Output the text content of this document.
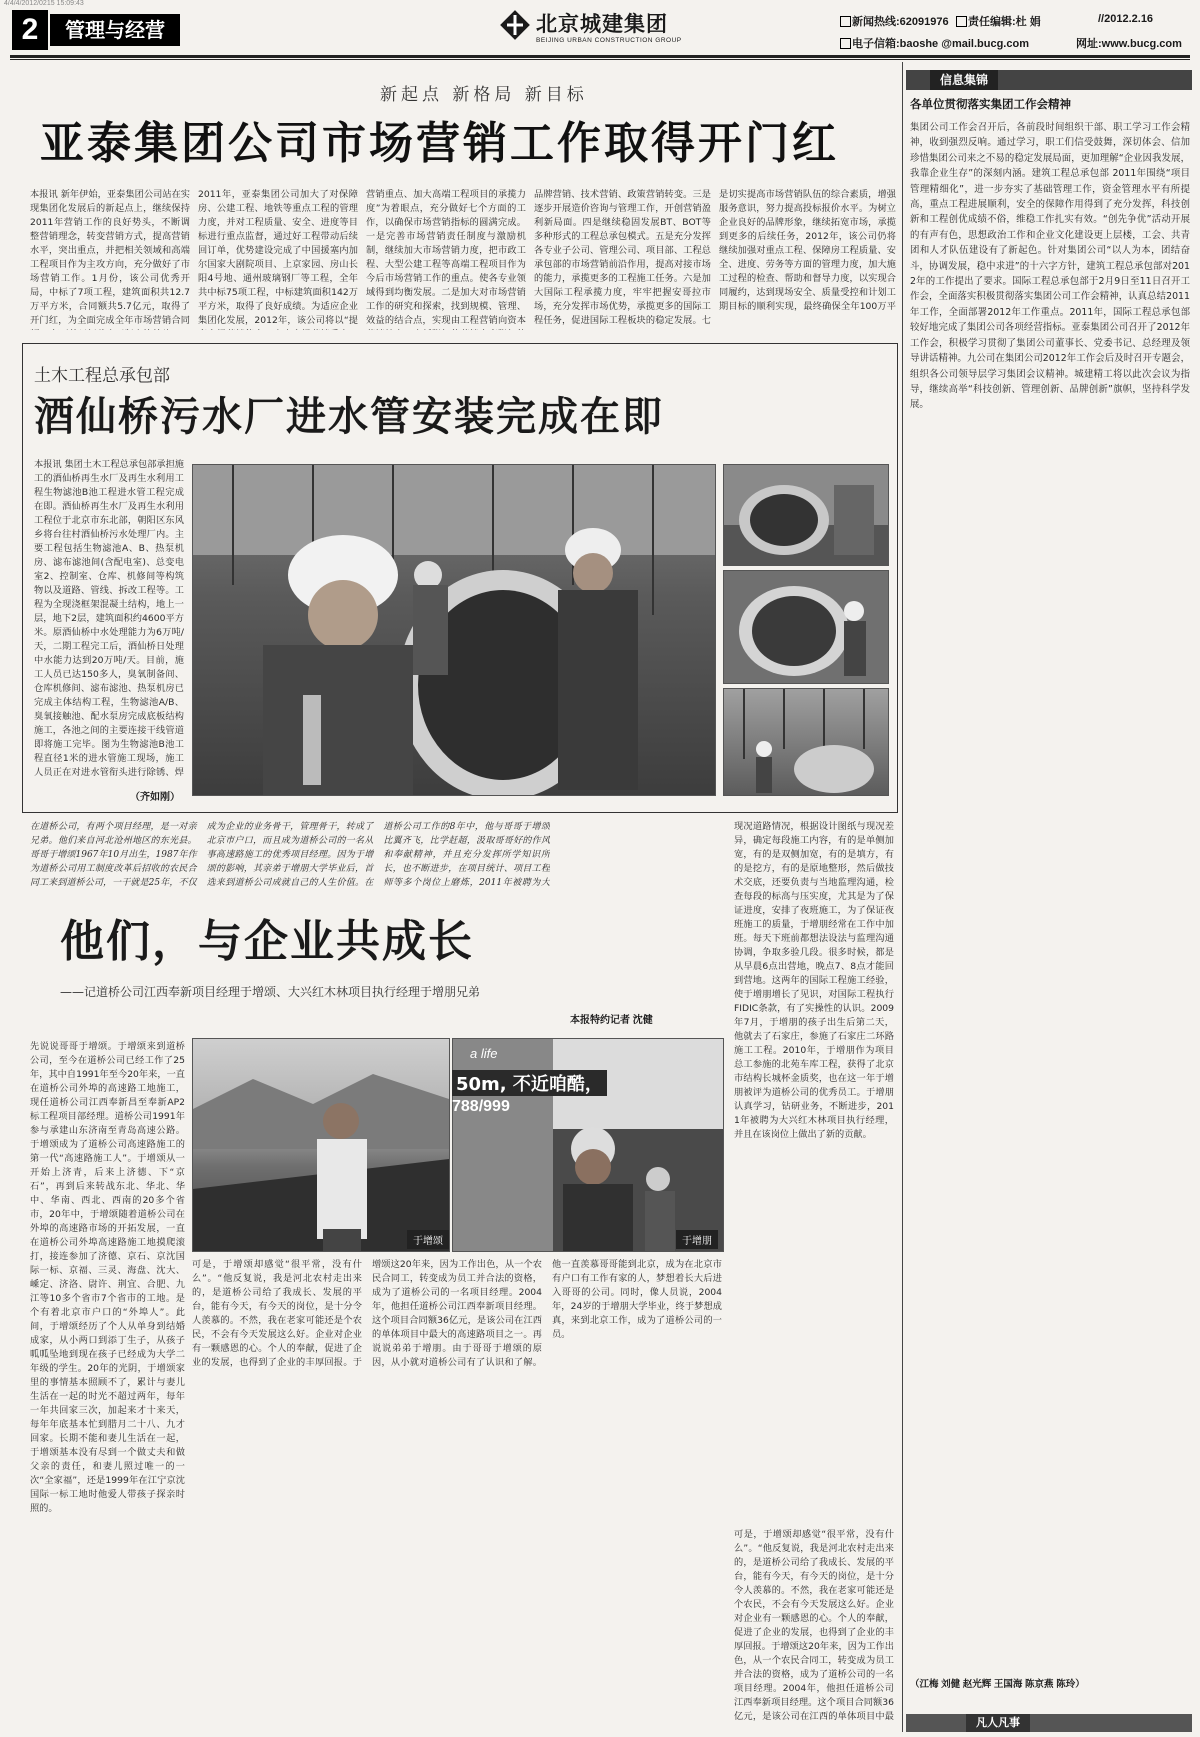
4/4/4/2012/0215 15:09:43
2	管理与经营	北京城建集团
BEIJING URBAN CONSTRUCTION GROUP
新闻热线:62091976 责任编辑:杜 娟	//2012.2.16
电子信箱:baoshe @mail.bucg.com	网址:www.bucg.com
新起点 新格局 新目标
亚泰集团公司市场营销工作取得开门红
本报讯 新年伊始，亚泰集团公司站在实现集团化发展后的新起点上，继续保持2011年营销工作的良好势头，不断调整营销理念，转变营销方式，提高营销水平，突出重点，并把相关领域和高端工程项目作为主攻方向，充分做好了市场营销工作。1月份，该公司优秀开局，中标了7项工程，建筑面积共12.7万平方米，合同额共5.7亿元，取得了开门红，为全面完成全年市场营销合同
2011年，亚泰集团公司加大了对保障房、公建工程、地铁等重点工程的管理力度，并对工程质量、安全、进度等目标进行重点监督，通过好工程带动后续回订单，优势建设完成了中国援塞内加尔国家大剧院项目、上京家园、房山长阳4号地、通州玻璃钢厂等工程，全年共中标75项工程，中标建筑面积142万平方米，取得了良好成绩。为适应企业集团化发展，2012年，该公司将以“提
营销重点、加大高端工程项目的承揽力度”为着眼点，充分做好七个方面的工作，以确保市场营销指标的圆满完成。一是完善市场营销责任制度与激励机制，继续加大市场营销力度，把市政工程、大型公建工程等高端工程项目作为今后市场营销工作的重点。使各专业领域得到均衡发展。二是加大对市场营销工作的研究和探索，找到规模、管理、效益的结合点，实现由工程营销向资本
品牌营销、技术营销、政策营销转变。三是逐步开展造价咨询与管理工作，开创营销盈利新局面。四是继续稳固发展BT、BOT等多种形式的工程总承包模式。五是充分发挥各专业子公司、管理公司、项目部、工程总承包部的市场营销前沿作用，提高对接市场的能力，承揽更多的工程施工任务。六是加大国际工程承揽力度，牢牢把握安哥拉市场，充分发挥市场优势，承揽更多的国际工程任务，促进国际工程板块的稳定发展。七是切实提高市场营销队伍的综合素质，增强服务意识，努力提高投标报价水平。为树立企业良好的品牌形象，继续拓宽市场，承揽到更多的后续任务，2012年，该公司仍将继续加强对重点工程、保障房工程质量、安全、进度、劳务等方面的管理力度，加大施工过程的检查、帮助和督导力度，以实现合同履约，达到现场安全、质量受控和计划工期目标的顺利实现，最终确保全年100万平
土木工程总承包部
酒仙桥污水厂进水管安装完成在即
本报讯 集团土木工程总承包部承担施工的酒仙桥再生水厂及再生水利用工程生物滤池B池工程进水管工程完成在即。酒仙桥再生水厂及再生水利用工程位于北京市东北部，朝阳区东风乡将台往村酒仙桥污水处理厂内。主要工程包括生物滤池A、B、热泵机房、滤布滤池间(含配电室)、总变电室2、控制室、仓库、机修间等构筑物以及道路、管线、拆改工程等。工程为全现浇框架混凝土结构，地上一层，地下2层，建筑面积约4600平方米。原酒仙桥中水处理能力为6万吨/天，二期工程完工后，酒仙桥日处理中水能力达到20万吨/天。目前，施工人员已达150多人，臭氧制备间、仓库机修间、滤布滤池、热泵机房已完成主体结构工程，生物滤池A/B、臭氧接触池、配水泵房完成底板结构施工，各池之间的主要连接干线管道即将施工完毕。图为生物滤池B池工程直径1米的进水管施工现场，施工人员正在对进水管衔头进行除锈、焊
（齐如刚）
在道桥公司，有两个项目经理，是一对亲兄弟。他们来自河北沧州地区的东光县。哥哥于增颂1967年10月出生，1987年作为道桥公司用工制度改革后招收的农民合同工来到道桥公司，一干就是25年，不仅成为企业的业务骨干，管理骨干，转成了北京市户口，而且成为道桥公司的一名从事高速路施工的优秀项目经理。因为于增颂的影响，其亲弟于增朋大学毕业后，首选来到道桥公司成就自己的人生价值。在道桥公司工作的8年中，他与哥哥于增颂比翼齐飞，比学赶超，汲取哥哥好的作风和奉献精神，并且充分发挥所学知识所长，也不断进步，在项目统计、项目工程师等多个岗位上磨炼，2011年被聘为大
他们，与企业共成长
——记道桥公司江西奉新项目经理于增颂、大兴红木林项目执行经理于增朋兄弟
本报特约记者 沈健
现况道路情况，根据设计图纸与现况差异，确定每段施工内容，有的是单侧加宽，有的是双侧加宽，有的是填方，有的是挖方，有的是原地整形，然后做技术交底，还要负责与当地监理沟通，检查每段的标高与压实度，尤其是为了保证进度，安排了夜班施工，为了保证夜班施工的质量，于增朋经常在工作中加班。每天下班前都想法设法与监理沟通协调，争取多验几段。很多时候，都是从早晨6点出营地，晚点7、8点才能回到营地。这两年的国际工程施工经验，使于增朋增长了见识，对国际工程执行FIDIC条款，有了实操性的认识。2009年7月，于增朋的孩子出生后第二天，他就去了石家庄，参施了石家庄二环路施工工程。2010年，于增朋作为项目总工参施的北苑车库工程，获得了北京市结构长城杯金质奖，也在这一年于增朋被评为道桥公司的优秀员工。于增朋认真学习，钻研业务，不断进步，2011年被聘为大兴红木林项目执行经理，并且在该岗位上做出了新的贡献。
于增颂
a life
50m, 不近咱酷，
788/999
于增朋
先说说哥哥于增颂。于增颂来到道桥公司，至今在道桥公司已经工作了25年，其中自1991年至今20年来，一直在道桥公司外埠的高速路工地施工，现任道桥公司江西奉新昌至奉新AP2标工程项目部经理。道桥公司1991年参与承建山东济南至青岛高速公路。于增颂成为了道桥公司高速路施工的第一代“高速路施工人”。于增颂从一开始上济青，后来上济德、下“京石”，再到后来转战东北、华北、华中、华南、西北、西南的20多个省市，20年中，于增颂随着道桥公司在外埠的高速路市场的开拓发展，一直在道桥公司外埠高速路施工地摸爬滚打，接连参加了济德、京石、京沈国际一标、京福、三灵、海盘、沈大、嵊定、济洛、尉许、荆宜、合肥、九江等10多个省市7个省市的工地。是个有着北京市户口的“外埠人”。此间，于增颂经历了个人从单身到结婚成家，从小两口到添丁生子，从孩子呱呱坠地到现在孩子已经成为大学二年级的学生。20年的光阴，于增颂家里的事情基本照顾不了，累计与妻儿生活在一起的时光不超过两年，每年一年共回家三次，加起来才十来天，每年年底基本忙到腊月二十八、九才回家。长期不能和妻儿生活在一起，于增颂基本没有尽到一个做丈夫和做父亲的责任，和妻儿照过唯一的一次“全家福”，还是1999年在江宁京沈国际一标工地时他爱人带孩子探亲时照的。
可是，于增颂却感觉“很平常，没有什么”。“他反复说，我是河北农村走出来的，是道桥公司给了我成长、发展的平台，能有今天，有今天的岗位，是十分令人羡慕的。不然，我在老家可能还是个农民，不会有今天发展这么好。企业对企业有一颗感恩的心。个人的奉献，促进了企业的发展，也得到了企业的丰厚回报。于增颂这20年来，因为工作出色，从一个农民合同工，转变成为员工并合法的资格，成为了道桥公司的一名项目经理。2004年，他担任道桥公司江西奉新项目经理。这个项目合同额36亿元，是该公司在江西的单体项目中最大的高速路项目之一。再说说弟弟于增朋。由于哥哥于增颂的原因，从小就对道桥公司有了认识和了解。他一直羡慕哥哥能到北京，成为在北京市有户口有工作有家的人，梦想着长大后进入哥哥的公司。同时，像人员说，2004年，24岁的于增朋大学毕业，终于梦想成真，来到北京工作，成为了道桥公司的一员。
可是，于增颂却感觉“很平常，没有什么”。“他反复说，我是河北农村走出来的，是道桥公司给了我成长、发展的平台，能有今天，有今天的岗位，是十分令人羡慕的。不然，我在老家可能还是个农民，不会有今天发展这么好。企业对企业有一颗感恩的心。个人的奉献，促进了企业的发展，也得到了企业的丰厚回报。于增颂这20年来，因为工作出色，从一个农民合同工，转变成为员工并合法的资格，成为了道桥公司的一名项目经理。2004年，他担任道桥公司江西奉新项目经理。这个项目合同额36亿元，是该公司在江西的单体项目中最
信息集锦
各单位贯彻落实集团工作会精神
集团公司工作会召开后，各前段时间组织干部、职工学习工作会精神，收到强烈反响。通过学习，职工们信受鼓舞，深切体会、信加珍惜集团公司来之不易的稳定发展局面，更加理解“企业因我发展，我靠企业生存”的深刻内涵。建筑工程总承包部 2011年围绕“项目管理精细化”，进一步夯实了基础管理工作，资金管理水平有所提高，重点工程进展顺利，安全的保障作用得到了充分发挥，科技创新和工程创优成绩不俗，维稳工作扎实有效。“创先争优”活动开展的有声有色，思想政治工作和企业文化建设更上层楼，工会、共青团和人才队伍建设有了新起色。针对集团公司“以人为本，团结奋斗，协调发展，稳中求进”的十六字方针，建筑工程总承包部对2012年的工作提出了要求。国际工程总承包部于2月9日至11日召开工作会，全面落实积极贯彻落实集团公司工作会精神，认真总结2011年工作，全面部署2012年工作重点。2011年，国际工程总承包部较好地完成了集团公司各项经营指标。亚泰集团公司召开了2012年工作会，积极学习贯彻了集团公司董事长、党委书记、总经理及领导讲话精神。九公司在集团公司2012年工作会后及时召开专题会，组织各公司领导层学习集团会议精神。城建精工将以此次会议为指导，继续高举“科技创新、管理创新、品牌创新”旗帜，坚持科学发展。
（江梅 刘健 赵光辉 王国海 陈京燕 陈玲）
凡人凡事
